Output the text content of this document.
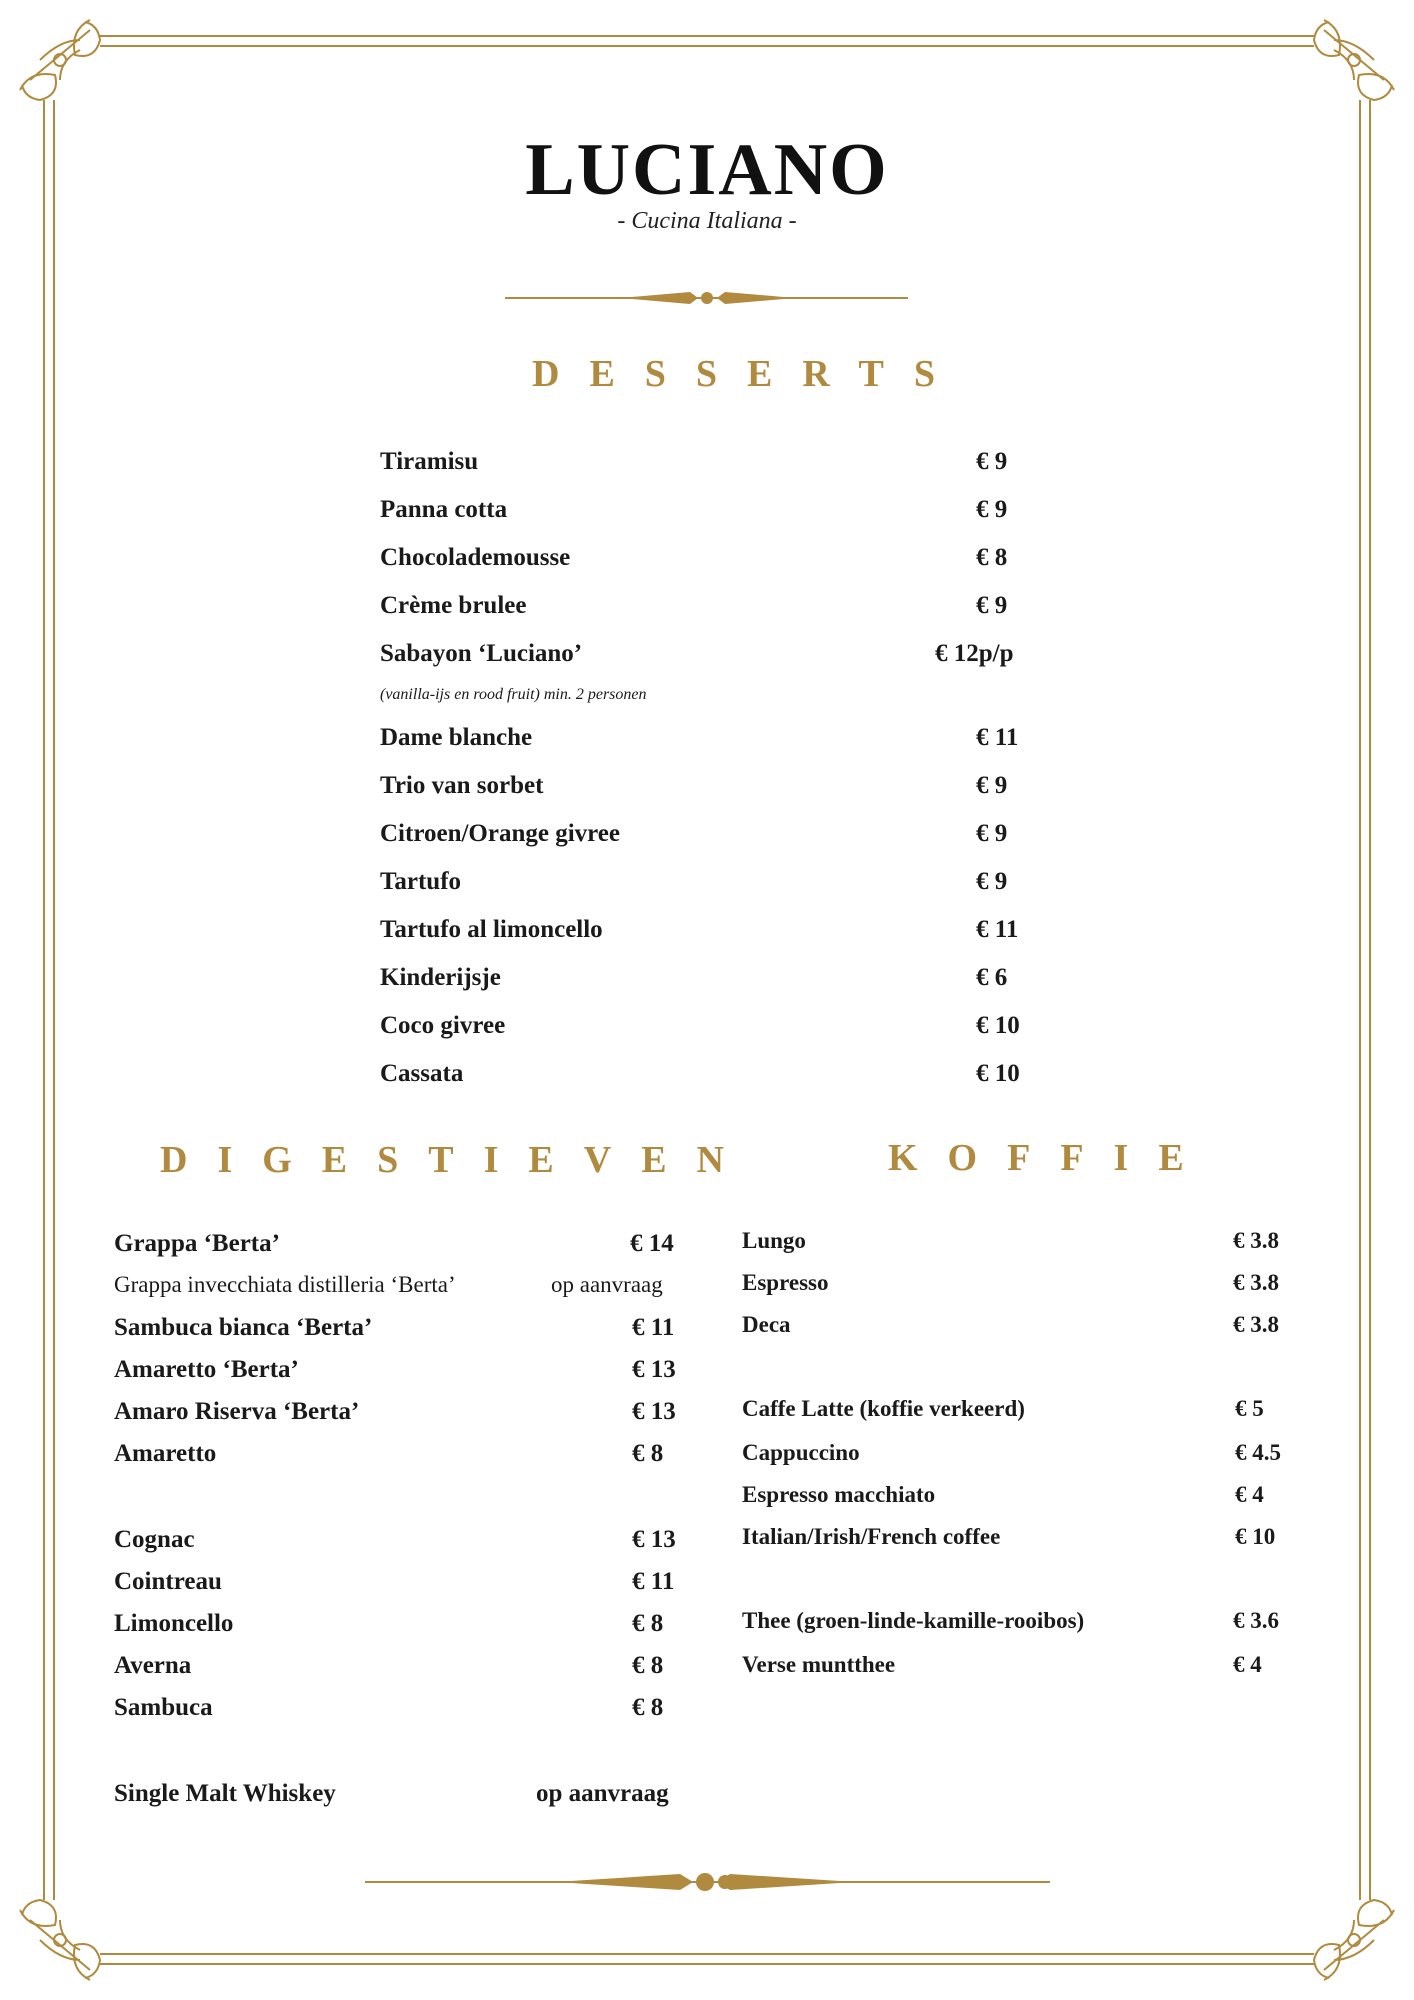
LUCIANO
- Cucina Italiana -
DESSERTS
Tiramisu	€ 9
Panna cotta	€ 9
Chocolademousse	€ 8
Crème brulee	€ 9
Sabayon ‘Luciano’	€ 12p/p
(vanilla-ijs en rood fruit) min. 2 personen
Dame blanche	€ 11
Trio van sorbet	€ 9
Citroen/Orange givree	€ 9
Tartufo	€ 9
Tartufo al limoncello	€ 11
Kinderijsje	€ 6
Coco givree	€ 10
Cassata	€ 10
DIGESTIEVEN
Grappa ‘Berta’	€ 14
Grappa invecchiata distilleria ‘Berta’	op aanvraag
Sambuca bianca ‘Berta’	€ 11
Amaretto ‘Berta’	€ 13
Amaro Riserva ‘Berta’	€ 13
Amaretto	€ 8
Cognac	€ 13
Cointreau	€ 11
Limoncello	€ 8
Averna	€ 8
Sambuca	€ 8
Single Malt Whiskey	op aanvraag
KOFFIE
Lungo	€ 3.8
Espresso	€ 3.8
Deca	€ 3.8
Caffe Latte (koffie verkeerd)	€ 5
Cappuccino	€ 4.5
Espresso macchiato	€ 4
Italian/Irish/French coffee	€ 10
Thee (groen-linde-kamille-rooibos)	€ 3.6
Verse muntthee	€ 4
